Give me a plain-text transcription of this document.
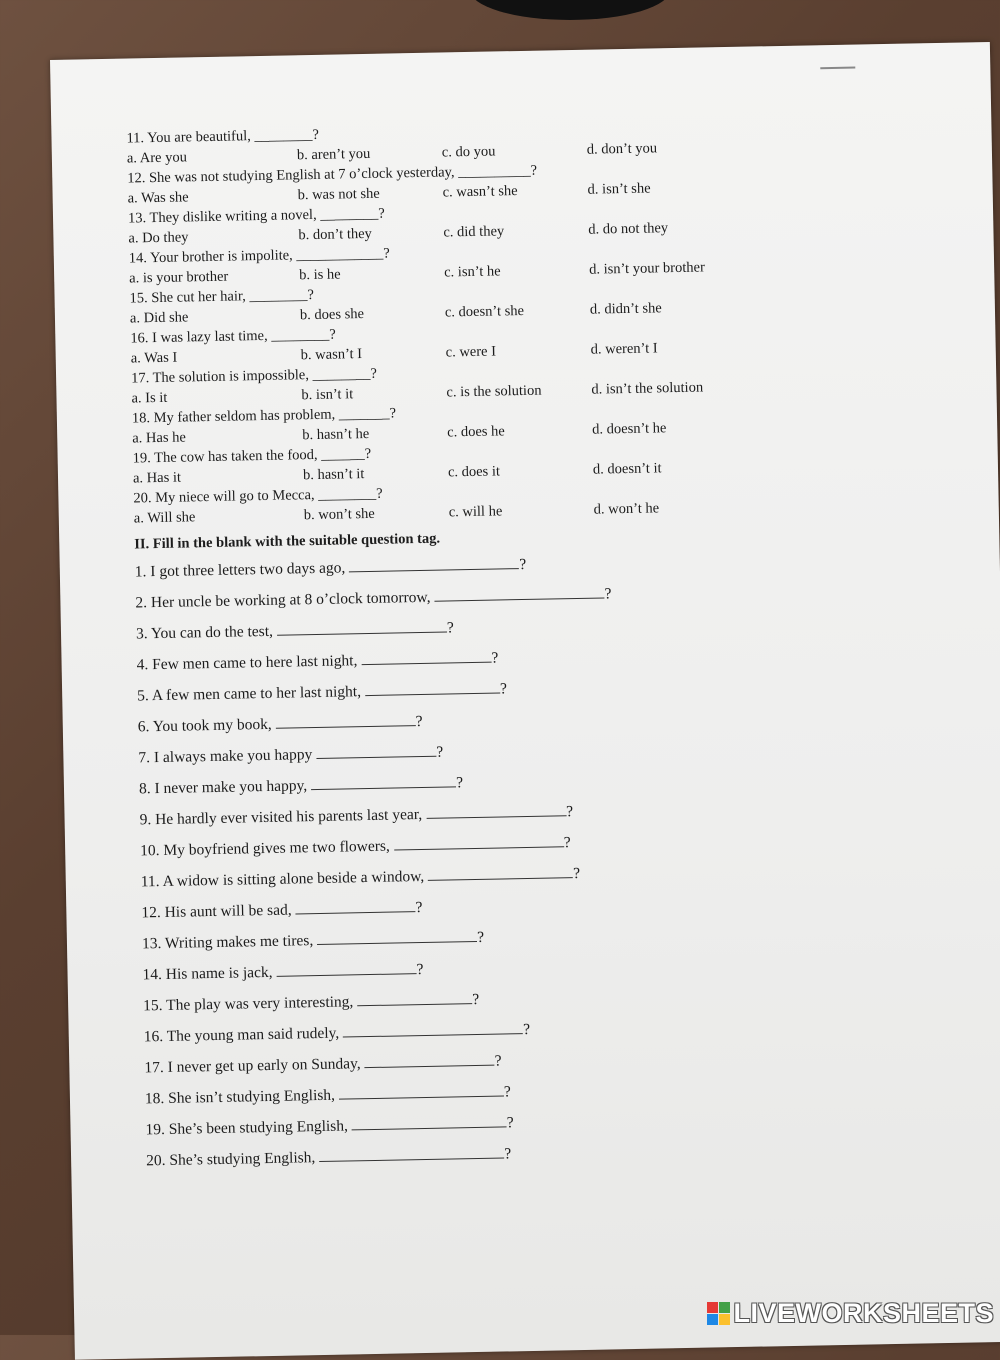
11. You are beautiful, ________?
a. Are you	b. aren’t you	c. do you	d. don’t you
12. She was not studying English at 7 o’clock yesterday, __________?
a. Was she	b. was not she	c. wasn’t she	d. isn’t she
13. They dislike writing a novel, ________?
a. Do they	b. don’t they	c. did they	d. do not they
14. Your brother is impolite, ____________?
a. is your brother	b. is he	c. isn’t he	d. isn’t your brother
15. She cut her hair, ________?
a. Did she	b. does she	c. doesn’t she	d. didn’t she
16. I was lazy last time, ________?
a. Was I	b. wasn’t I	c. were I	d. weren’t I
17. The solution is impossible, ________?
a. Is it	b. isn’t it	c. is the solution	d. isn’t the solution
18. My father seldom has problem, _______?
a. Has he	b. hasn’t he	c. does he	d. doesn’t he
19. The cow has taken the food, ______?
a. Has it	b. hasn’t it	c. does it	d. doesn’t it
20. My niece will go to Mecca, ________?
a. Will she	b. won’t she	c. will he	d. won’t he
II. Fill in the blank with the suitable question tag.
1. I got three letters two days ago,	?
2. Her uncle be working at 8 o’clock tomorrow,	?
3. You can do the test,	?
4. Few men came to here last night,	?
5. A few men came to her last night,	?
6. You took my book,	?
7. I always make you happy	?
8. I never make you happy,	?
9. He hardly ever visited his parents last year,	?
10. My boyfriend gives me two flowers,	?
11. A widow is sitting alone beside a window,	?
12. His aunt will be sad,	?
13. Writing makes me tires,	?
14. His name is jack,	?
15. The play was very interesting,	?
16. The young man said rudely,	?
17. I never get up early on Sunday,	?
18. She isn’t studying English,	?
19. She’s been studying English,	?
20. She’s studying English,	?
LIVEWORKSHEETS
